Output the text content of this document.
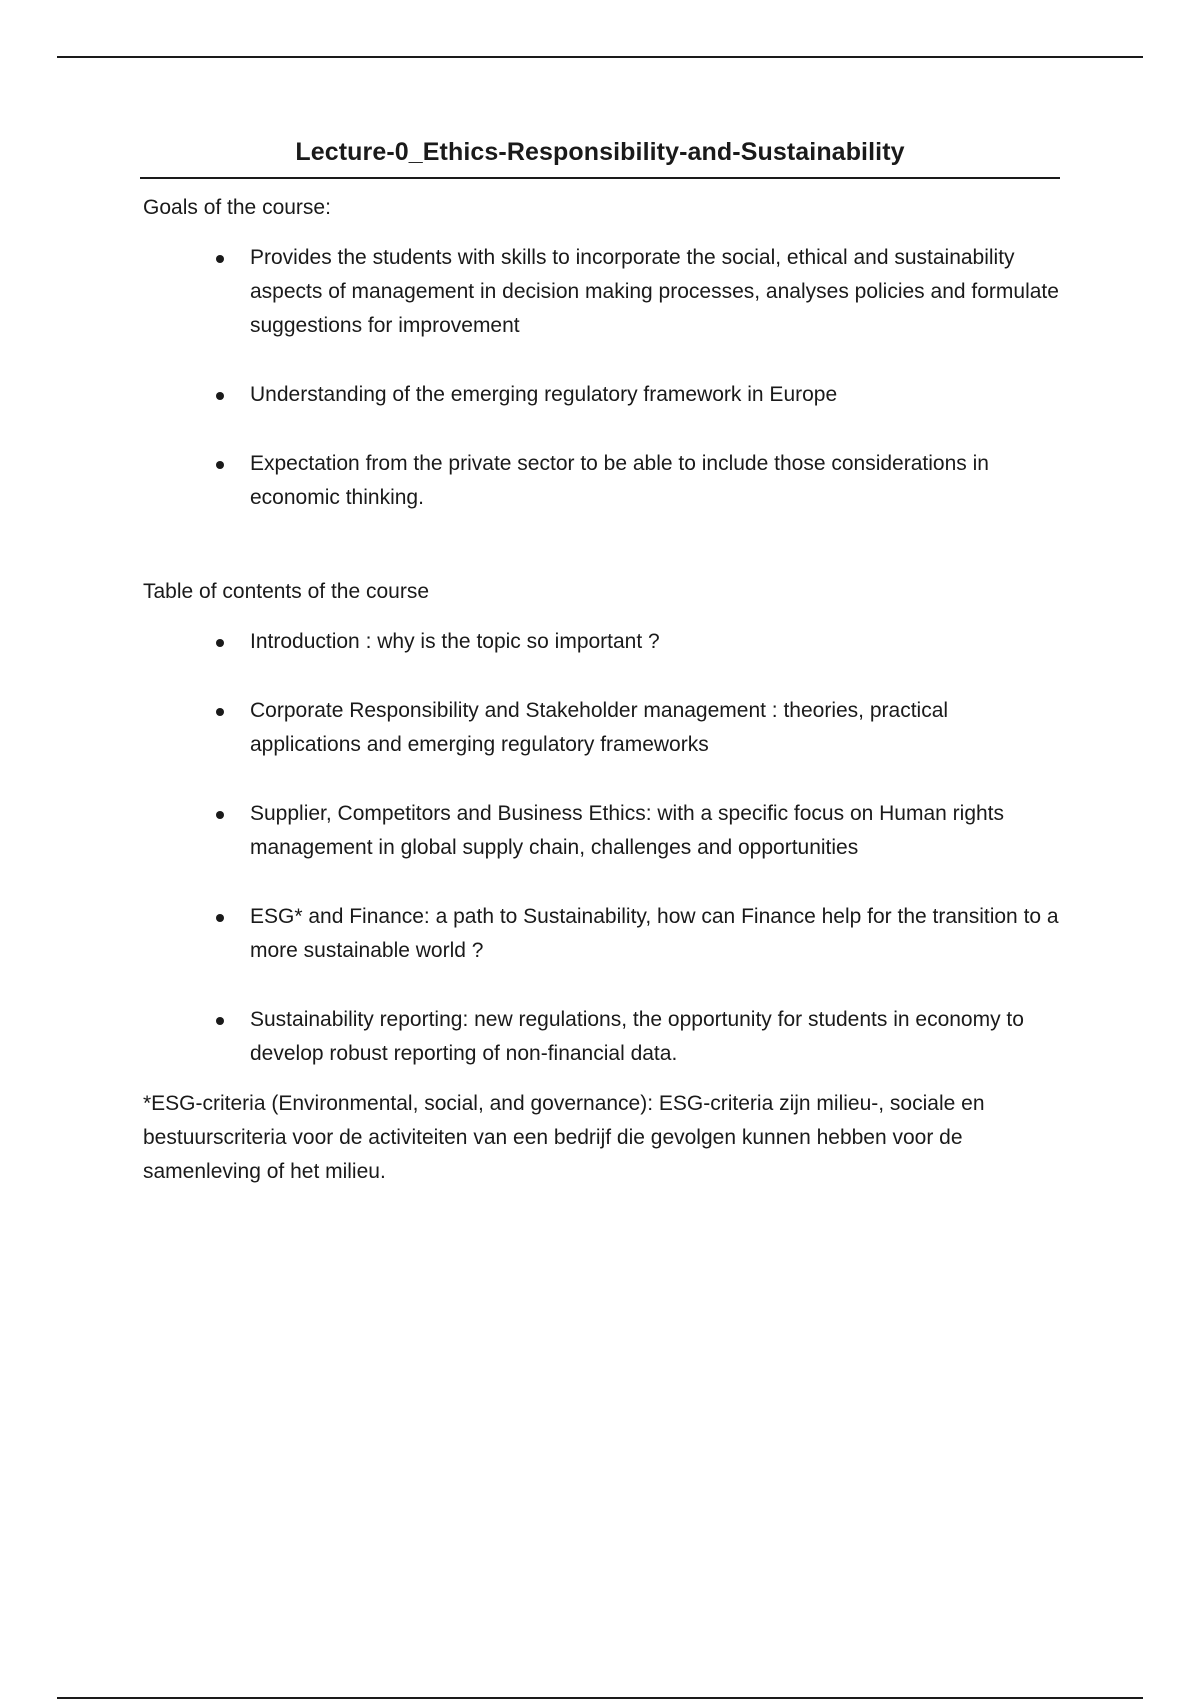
Lecture-0_Ethics-Responsibility-and-Sustainability
Goals of the course:
Provides the students with skills to incorporate the social, ethical and sustainability aspects of management in decision making processes, analyses policies and formulate suggestions for improvement
Understanding of the emerging regulatory framework in Europe
Expectation from the private sector to be able to include those considerations in economic thinking.
Table of contents of the course
Introduction : why is the topic so important ?
Corporate Responsibility and Stakeholder management : theories, practical applications and emerging regulatory frameworks
Supplier, Competitors and Business Ethics: with a specific focus on Human rights management in global supply chain, challenges and opportunities
ESG* and Finance: a path to Sustainability, how can Finance help for the transition to a more sustainable world ?
Sustainability reporting: new regulations, the opportunity for students in economy to develop robust reporting of non-financial data.

*ESG-criteria (Environmental, social, and governance): ESG-criteria zijn milieu-, sociale en bestuurscriteria voor de activiteiten van een bedrijf die gevolgen kunnen hebben voor de samenleving of het milieu.
